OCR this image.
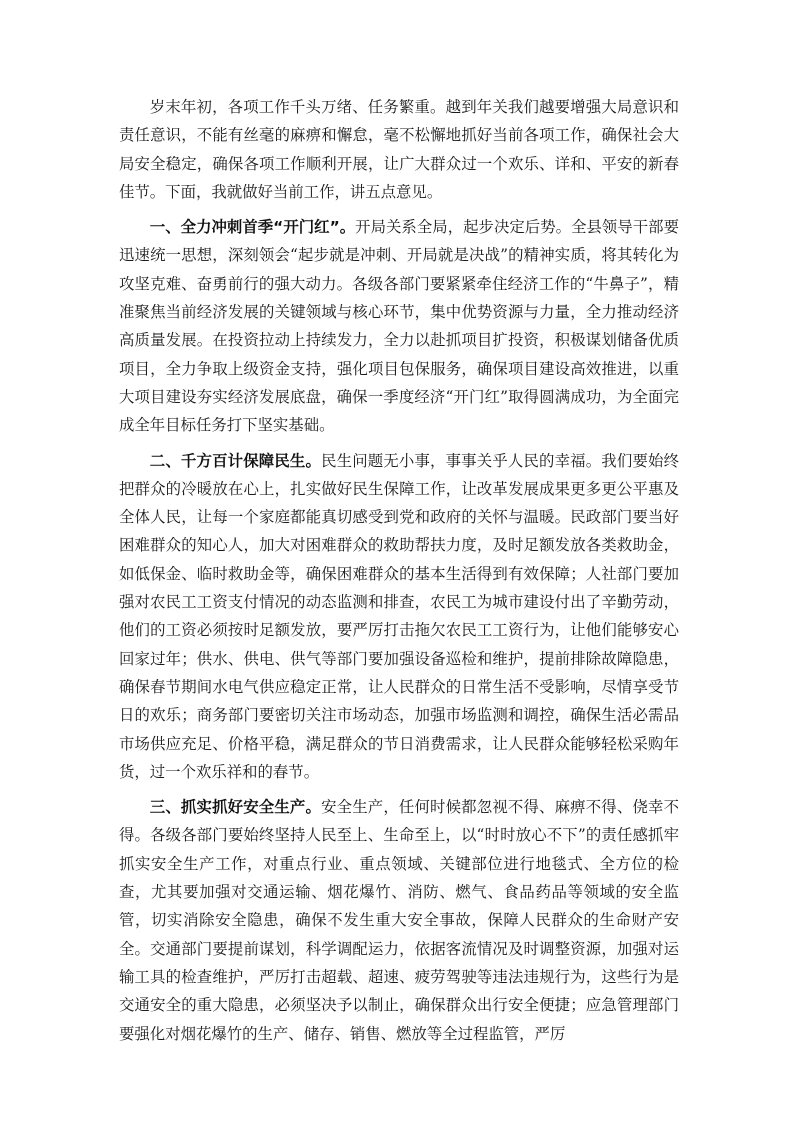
岁末年初，各项工作千头万绪、任务繁重。越到年关我们越要增强大局意识和责任意识，不能有丝毫的麻痹和懈怠，毫不松懈地抓好当前各项工作，确保社会大局安全稳定，确保各项工作顺利开展，让广大群众过一个欢乐、详和、平安的新春佳节。下面，我就做好当前工作，讲五点意见。

一、全力冲刺首季“开门红”。开局关系全局，起步决定后势。全县领导干部要迅速统一思想，深刻领会“起步就是冲刺、开局就是决战”的精神实质，将其转化为攻坚克难、奋勇前行的强大动力。各级各部门要紧紧牵住经济工作的“牛鼻子”，精准聚焦当前经济发展的关键领域与核心环节，集中优势资源与力量，全力推动经济高质量发展。在投资拉动上持续发力，全力以赴抓项目扩投资，积极谋划储备优质项目，全力争取上级资金支持，强化项目包保服务，确保项目建设高效推进，以重大项目建设夯实经济发展底盘，确保一季度经济“开门红”取得圆满成功，为全面完成全年目标任务打下坚实基础。

二、千方百计保障民生。民生问题无小事，事事关乎人民的幸福。我们要始终把群众的冷暖放在心上，扎实做好民生保障工作，让改革发展成果更多更公平惠及全体人民，让每一个家庭都能真切感受到党和政府的关怀与温暖。民政部门要当好困难群众的知心人，加大对困难群众的救助帮扶力度，及时足额发放各类救助金，如低保金、临时救助金等，确保困难群众的基本生活得到有效保障；人社部门要加强对农民工工资支付情况的动态监测和排查，农民工为城市建设付出了辛勤劳动，他们的工资必须按时足额发放，要严厉打击拖欠农民工工资行为，让他们能够安心回家过年；供水、供电、供气等部门要加强设备巡检和维护，提前排除故障隐患，确保春节期间水电气供应稳定正常，让人民群众的日常生活不受影响，尽情享受节日的欢乐；商务部门要密切关注市场动态，加强市场监测和调控，确保生活必需品市场供应充足、价格平稳，满足群众的节日消费需求，让人民群众能够轻松采购年货，过一个欢乐祥和的春节。

三、抓实抓好安全生产。安全生产，任何时候都忽视不得、麻痹不得、侥幸不得。各级各部门要始终坚持人民至上、生命至上，以“时时放心不下”的责任感抓牢抓实安全生产工作，对重点行业、重点领域、关键部位进行地毯式、全方位的检查，尤其要加强对交通运输、烟花爆竹、消防、燃气、食品药品等领域的安全监管，切实消除安全隐患，确保不发生重大安全事故，保障人民群众的生命财产安全。交通部门要提前谋划，科学调配运力，依据客流情况及时调整资源，加强对运输工具的检查维护，严厉打击超载、超速、疲劳驾驶等违法违规行为，这些行为是交通安全的重大隐患，必须坚决予以制止，确保群众出行安全便捷；应急管理部门要强化对烟花爆竹的生产、储存、销售、燃放等全过程监管，严厉
